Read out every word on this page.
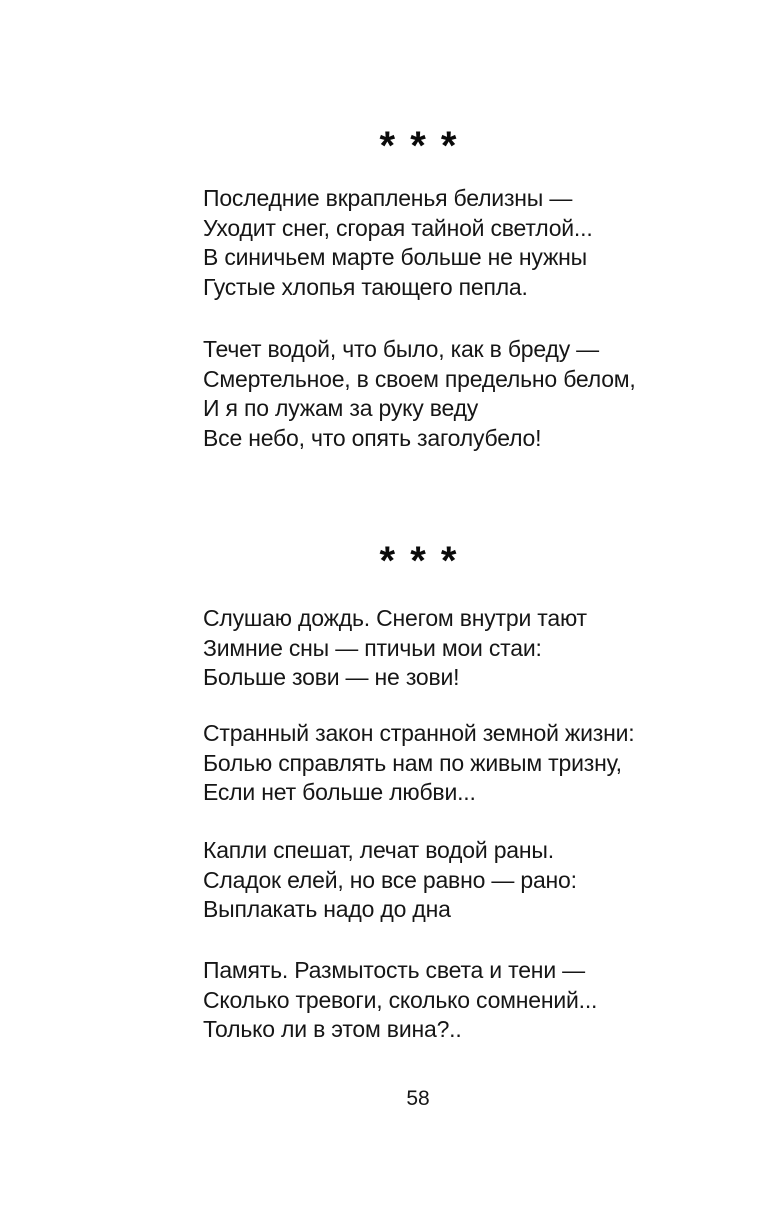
* * *
Последние вкрапленья белизны —
Уходит снег, сгорая тайной светлой...
В синичьем марте больше не нужны
Густые хлопья тающего пепла.
Течет водой, что было, как в бреду —
Смертельное, в своем предельно белом,
И я по лужам за руку веду
Все небо, что опять заголубело!
* * *
Слушаю дождь. Снегом внутри тают
Зимние сны — птичьи мои стаи:
Больше зови — не зови!
Странный закон странной земной жизни:
Болью справлять нам по живым тризну,
Если нет больше любви...
Капли спешат, лечат водой раны.
Сладок елей, но все равно — рано:
Выплакать надо до дна
Память. Размытость света и тени —
Сколько тревоги, сколько сомнений...
Только ли в этом вина?..
58
